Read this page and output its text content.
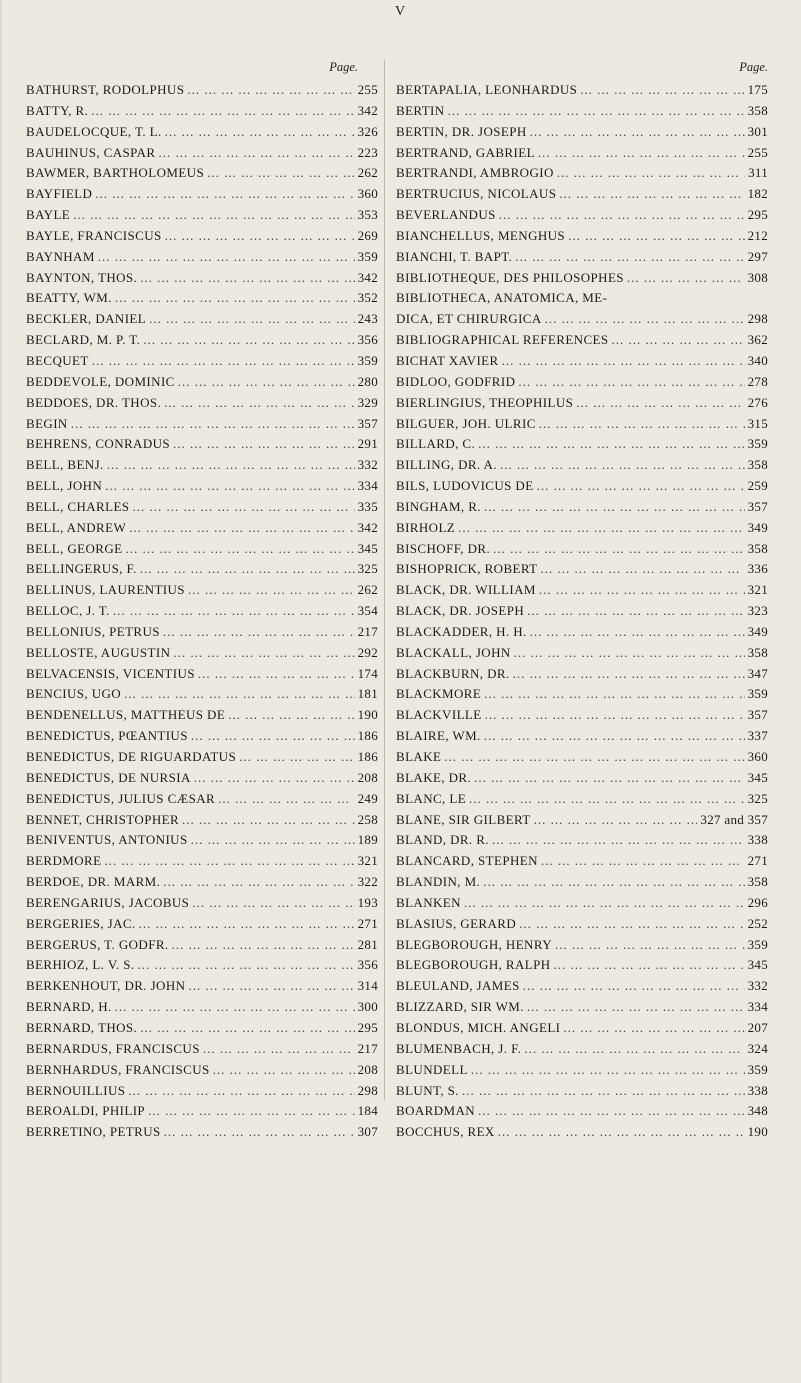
V
Page.
BATHURST, RODOLPHUS ... .	255
BATTY, R. ... .	342
BAUDELOCQUE, T. L. ... .	326
BAUHINUS, CASPAR ... .	223
BAWMER, BARTHOLOMEUS ... .	262
BAYFIELD ... .	360
BAYLE ... .	353
BAYLE, FRANCISCUS ... .	269
BAYNHAM ... .	359
BAYNTON, THOS. ... .	342
BEATTY, WM. ... .	352
BECKLER, DANIEL ... .	243
BECLARD, M. P. T. ... .	356
BECQUET ... .	359
BEDDEVOLE, DOMINIC ... .	280
BEDDOES, DR. THOS. ... .	329
BEGIN ... .	357
BEHRENS, CONRADUS ... .	291
BELL, BENJ. ... .	332
BELL, JOHN ... .	334
BELL, CHARLES ... .	335
BELL, ANDREW ... .	342
BELL, GEORGE ... .	345
BELLINGERUS, F. ... .	325
BELLINUS, LAURENTIUS ... .	262
BELLOC, J. T. ... .	354
BELLONIUS, PETRUS ... .	217
BELLOSTE, AUGUSTIN ... .	292
BELVACENSIS, VICENTIUS ... .	174
BENCIUS, UGO ... .	181
BENDENELLUS, MATTHEUS DE ... .	190
BENEDICTUS, PŒANTIUS ... .	186
BENEDICTUS, DE RIGUARDATUS ... .	186
BENEDICTUS, DE NURSIA ... .	208
BENEDICTUS, JULIUS CÆSAR ... .	249
BENNET, CHRISTOPHER ... .	258
BENIVENTUS, ANTONIUS ... .	189
BERDMORE ... .	321
BERDOE, DR. MARM. ... .	322
BERENGARIUS, JACOBUS ... .	193
BERGERIES, JAC. ... .	271
BERGERUS, T. GODFR. ... .	281
BERHIOZ, L. V. S. ... .	356
BERKENHOUT, DR. JOHN ... .	314
BERNARD, H. ... .	300
BERNARD, THOS. ... .	295
BERNARDUS, FRANCISCUS ... .	217
BERNHARDUS, FRANCISCUS ... .	208
BERNOUILLIUS ... .	298
BEROALDI, PHILIP ... .	184
BERRETINO, PETRUS ... .	307
Page.
BERTAPALIA, LEONHARDUS ... .	175
BERTIN ... .	358
BERTIN, DR. JOSEPH ... .	301
BERTRAND, GABRIEL ... .	255
BERTRANDI, AMBROGIO ... .	311
BERTRUCIUS, NICOLAUS ... .	182
BEVERLANDUS ... .	295
BIANCHELLUS, MENGHUS ... .	212
BIANCHI, T. BAPT. ... .	297
BIBLIOTHEQUE, DES PHILOSOPHES ... .	308
BIBLIOTHECA, ANATOMICA, ME-
DICA, ET CHIRURGICA ... .	298
BIBLIOGRAPHICAL REFERENCES ... .	362
BICHAT XAVIER ... .	340
BIDLOO, GODFRID ... .	278
BIERLINGIUS, THEOPHILUS ... .	276
BILGUER, JOH. ULRIC ... .	315
BILLARD, C. ... .	359
BILLING, DR. A. ... .	358
BILS, LUDOVICUS DE ... .	259
BINGHAM, R. ... .	357
BIRHOLZ ... .	349
BISCHOFF, DR. ... .	358
BISHOPRICK, ROBERT ... .	336
BLACK, DR. WILLIAM ... .	321
BLACK, DR. JOSEPH ... .	323
BLACKADDER, H. H. ... .	349
BLACKALL, JOHN ... .	358
BLACKBURN, DR. ... .	347
BLACKMORE ... .	359
BLACKVILLE ... .	357
BLAIRE, WM. ... .	337
BLAKE ... .	360
BLAKE, DR. ... .	345
BLANC, LE ... .	325
BLANE, SIR GILBERT ... .	327 and 357
BLAND, DR. R. ... .	338
BLANCARD, STEPHEN ... .	271
BLANDIN, M. ... .	358
BLANKEN ... .	296
BLASIUS, GERARD ... .	252
BLEGBOROUGH, HENRY ... .	359
BLEGBOROUGH, RALPH ... .	345
BLEULAND, JAMES ... .	332
BLIZZARD, SIR WM. ... .	334
BLONDUS, MICH. ANGELI ... .	207
BLUMENBACH, J. F. ... .	324
BLUNDELL ... .	359
BLUNT, S. ... .	338
BOARDMAN ... .	348
BOCCHUS, REX ... .	190
